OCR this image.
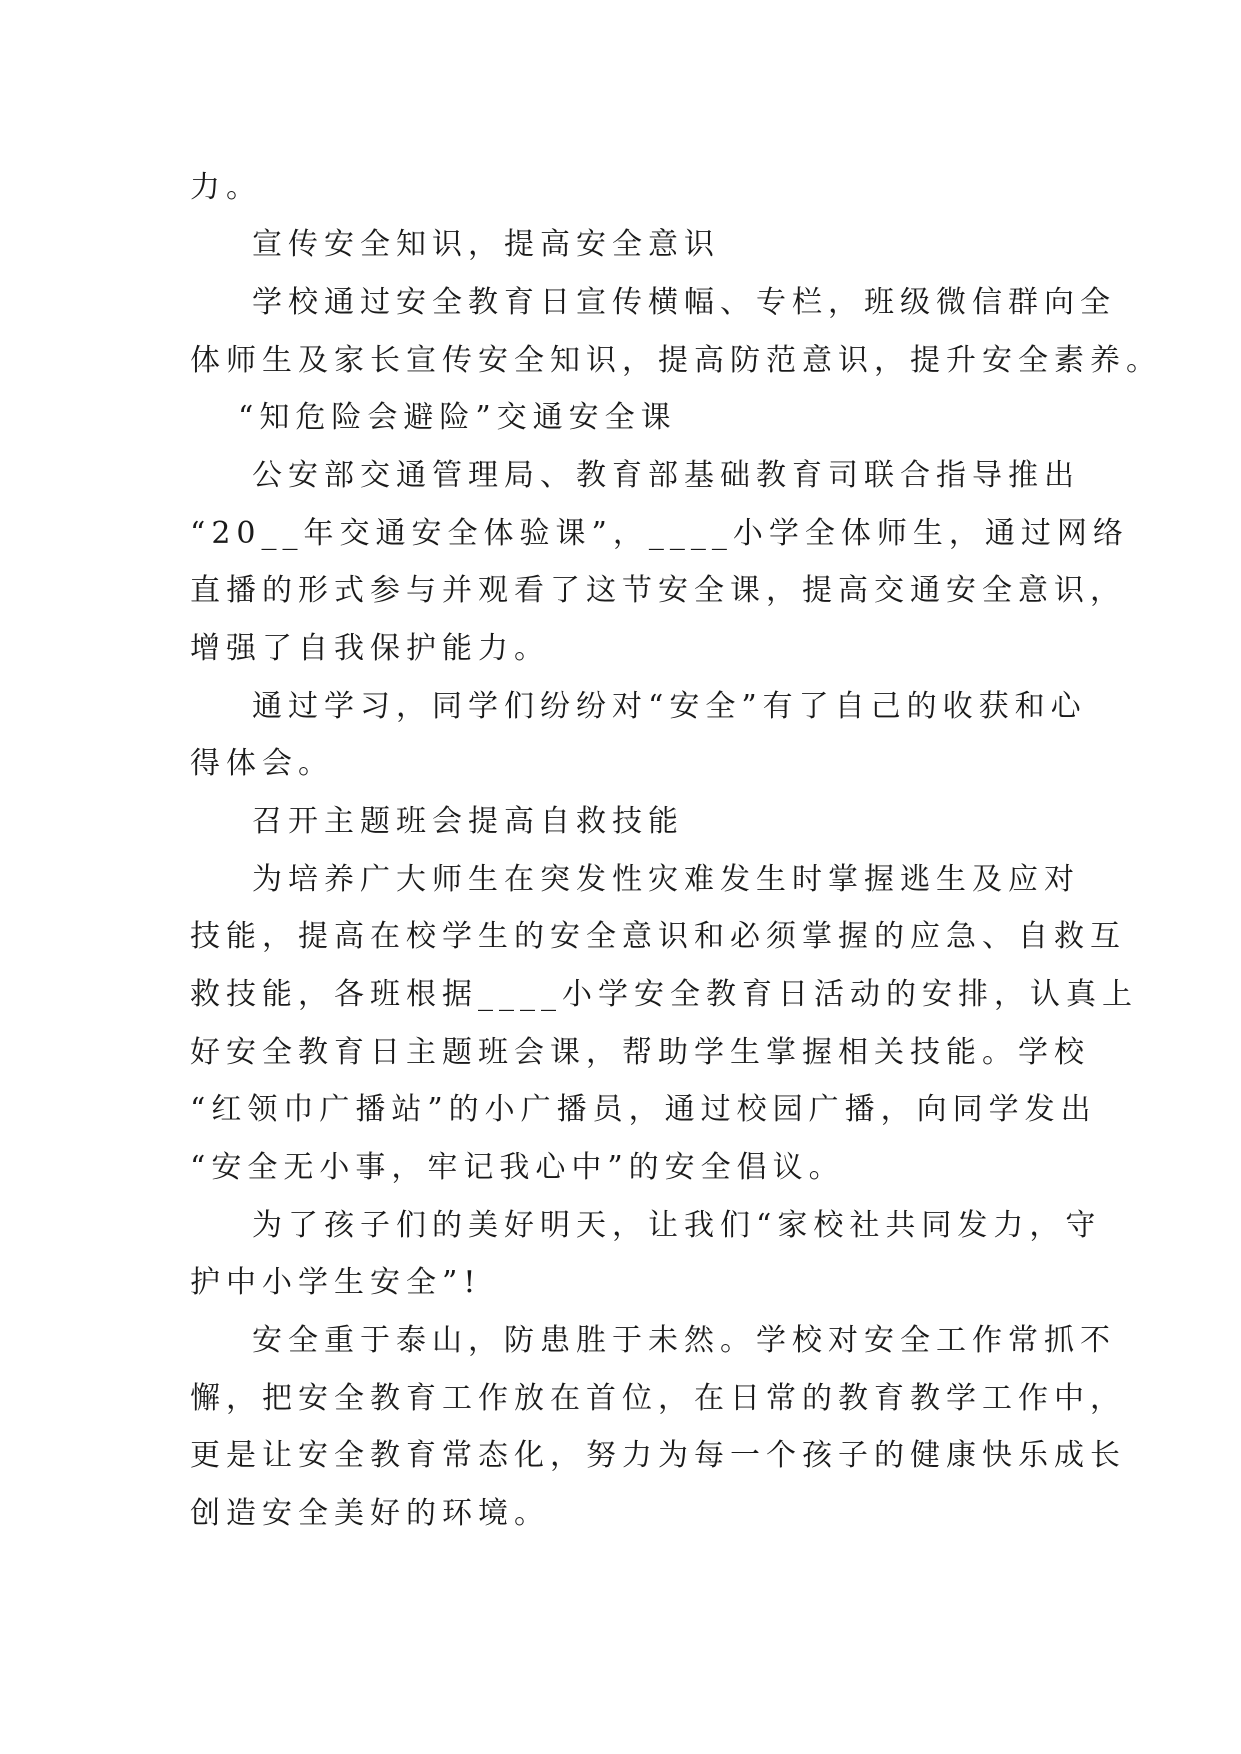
力。
宣传安全知识，提高安全意识
学校通过安全教育日宣传横幅、专栏，班级微信群向全
体师生及家长宣传安全知识，提高防范意识，提升安全素养。
“知危险会避险”交通安全课
公安部交通管理局、教育部基础教育司联合指导推出
“20__年交通安全体验课”，____小学全体师生，通过网络
直播的形式参与并观看了这节安全课，提高交通安全意识，
增强了自我保护能力。
通过学习，同学们纷纷对“安全”有了自己的收获和心
得体会。
召开主题班会提高自救技能
为培养广大师生在突发性灾难发生时掌握逃生及应对
技能，提高在校学生的安全意识和必须掌握的应急、自救互
救技能，各班根据____小学安全教育日活动的安排，认真上
好安全教育日主题班会课，帮助学生掌握相关技能。学校
“红领巾广播站”的小广播员，通过校园广播，向同学发出
“安全无小事，牢记我心中”的安全倡议。
为了孩子们的美好明天，让我们“家校社共同发力，守
护中小学生安全”!
安全重于泰山，防患胜于未然。学校对安全工作常抓不
懈，把安全教育工作放在首位，在日常的教育教学工作中，
更是让安全教育常态化，努力为每一个孩子的健康快乐成长
创造安全美好的环境。
